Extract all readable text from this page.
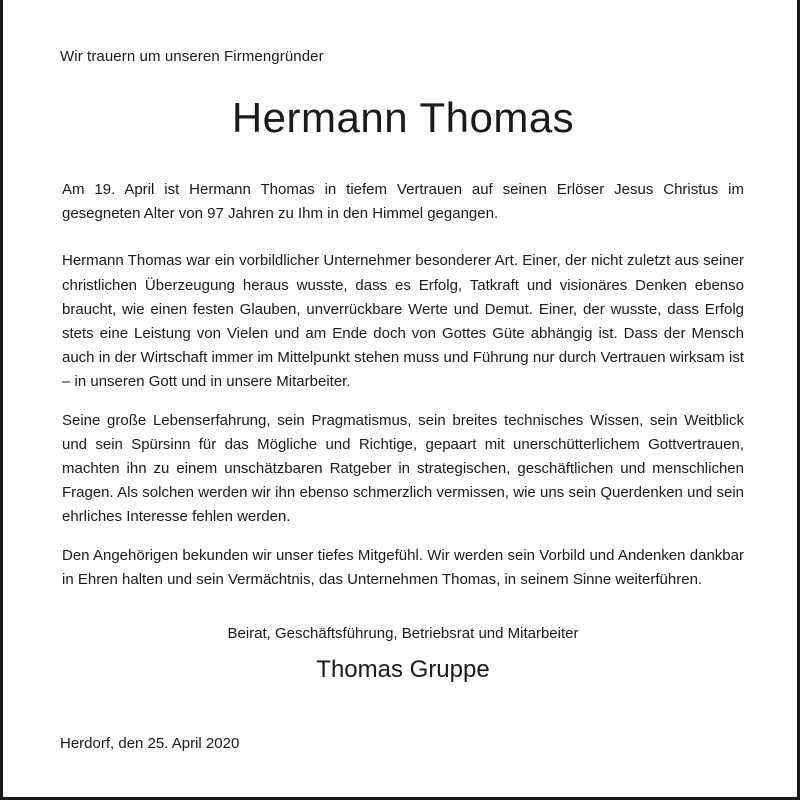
Wir trauern um unseren Firmengründer
Hermann Thomas

Am 19. April ist Hermann Thomas in tiefem Vertrauen auf seinen Erlöser Jesus Christus im gesegneten Alter von 97 Jahren zu Ihm in den Himmel gegangen.

Hermann Thomas war ein vorbildlicher Unternehmer besonderer Art. Einer, der nicht zuletzt aus seiner christlichen Überzeugung heraus wusste, dass es Erfolg, Tatkraft und visionäres Denken ebenso braucht, wie einen festen Glauben, unverrückbare Werte und Demut. Einer, der wusste, dass Erfolg stets eine Leistung von Vielen und am Ende doch von Gottes Güte abhängig ist. Dass der Mensch auch in der Wirtschaft immer im Mittelpunkt stehen muss und Führung nur durch Vertrauen wirksam ist – in unseren Gott und in unsere Mitarbeiter.

Seine große Lebenserfahrung, sein Pragmatismus, sein breites technisches Wissen, sein Weitblick und sein Spürsinn für das Mögliche und Richtige, gepaart mit unerschütterlichem Gottvertrauen, machten ihn zu einem unschätzbaren Ratgeber in strategischen, geschäftlichen und menschlichen Fragen. Als solchen werden wir ihn ebenso schmerzlich vermissen, wie uns sein Querdenken und sein ehrliches Interesse fehlen werden.

Den Angehörigen bekunden wir unser tiefes Mitgefühl. Wir werden sein Vorbild und Andenken dankbar in Ehren halten und sein Vermächtnis, das Unternehmen Thomas, in seinem Sinne weiterführen.

Beirat, Geschäftsführung, Betriebsrat und Mitarbeiter
Thomas Gruppe
Herdorf, den 25. April 2020
